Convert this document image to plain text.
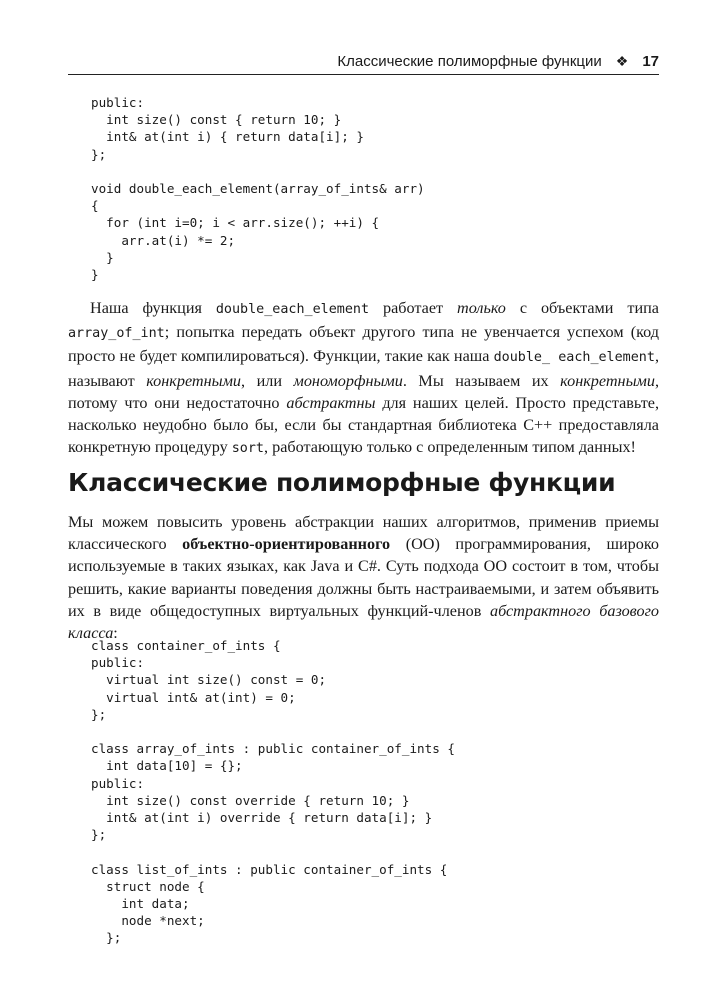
Классические полиморфные функции ❖ 17
public:
int size() const { return 10; }
int& at(int i) { return data[i]; }
};

void double_each_element(array_of_ints& arr)
{
for (int i=0; i < arr.size(); ++i) {
arr.at(i) *= 2;
}
}

Наша функция double_each_element работает только с объектами типа array_of_int; попытка передать объект другого типа не увенчается успехом (код просто не будет компилироваться). Функции, такие как наша double_ each_element, называют конкретными, или мономорфными. Мы называем их конкретными, потому что они недостаточно абстрактны для наших целей. Просто представьте, насколько неудобно было бы, если бы стандартная библиотека C++ предоставляла конкретную процедуру sort, работающую только с определенным типом данных!

Классические полиморфные функции

Мы можем повысить уровень абстракции наших алгоритмов, применив приемы классического объектно-ориентированного (ОО) программирования, широко используемые в таких языках, как Java и C#. Суть подхода ОО состоит в том, чтобы решить, какие варианты поведения должны быть настраиваемыми, и затем объявить их в виде общедоступных виртуальных функций-членов абстрактного базового класса:

class container_of_ints {
public:
virtual int size() const = 0;
virtual int& at(int) = 0;
};

class array_of_ints : public container_of_ints {
int data[10] = {};
public:
int size() const override { return 10; }
int& at(int i) override { return data[i]; }
};

class list_of_ints : public container_of_ints {
struct node {
int data;
node *next;
};
